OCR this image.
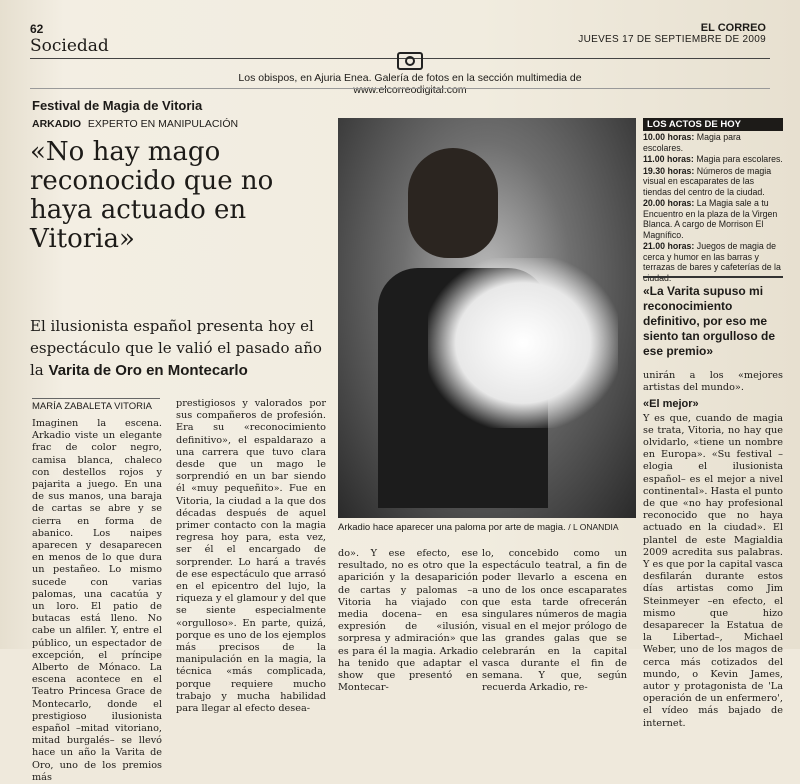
62
Sociedad
EL CORREO
JUEVES 17 DE SEPTIEMBRE DE 2009
Los obispos, en Ajuria Enea. Galería de fotos en la sección multimedia de www.elcorreodigital.com
Festival de Magia de Vitoria
ARKADIO EXPERTO EN MANIPULACIÓN
«No hay mago reconocido que no haya actuado en Vitoria»
El ilusionista español presenta hoy el espectáculo que le valió el pasado año la Varita de Oro en Montecarlo
MARÍA ZABALETA VITORIA
Imaginen la escena. Arkadio viste un elegante frac de color negro, camisa blanca, chaleco con destellos rojos y pajarita a juego. En una de sus manos, una baraja de cartas se abre y se cierra en forma de abanico. Los naipes aparecen y desaparecen en menos de lo que dura un pestañeo. Lo mismo sucede con varias palomas, una cacatúa y un loro. El patio de butacas está lleno. No cabe un alfiler. Y, entre el público, un espectador de excepción, el príncipe Alberto de Mónaco. La escena acontece en el Teatro Princesa Grace de Montecarlo, donde el prestigioso ilusionista español –mitad vitoriano, mitad burgalés– se llevó hace un año la Varita de Oro, uno de los premios más
prestigiosos y valorados por sus compañeros de profesión. Era su «reconocimiento definitivo», el espaldarazo a una carrera que tuvo clara desde que un mago le sorprendió en un bar siendo él «muy pequeñito». Fue en Vitoria, la ciudad a la que dos décadas después de aquel primer contacto con la magia regresa hoy para, esta vez, ser él el encargado de sorprender. Lo hará a través de ese espectáculo que arrasó en el epicentro del lujo, la riqueza y el glamour y del que se siente especialmente «orgulloso». En parte, quizá, porque es uno de los ejemplos más precisos de la manipulación en la magia, la técnica «más complicada, porque requiere mucho trabajo y mucha habilidad para llegar al efecto desea-
Arkadio hace aparecer una paloma por arte de magia. / L ONANDIA
do». Y ese efecto, ese resultado, no es otro que la aparición y la desaparición de cartas y palomas –a Vitoria ha viajado con media docena– en esa expresión de «ilusión, sorpresa y admiración» que es para él la magia. Arkadio ha tenido que adaptar el show que presentó en Montecar-
lo, concebido como un espectáculo teatral, a fin de poder llevarlo a escena en uno de los once escaparates que esta tarde ofrecerán singulares números de magia visual en el mejor prólogo de las grandes galas que se celebrarán en la capital vasca durante el fin de semana. Y que, según recuerda Arkadio, re-
LOS ACTOS DE HOY
10.00 horas: Magia para escolares.
11.00 horas: Magia para escolares.
19.30 horas: Números de magia visual en escaparates de las tiendas del centro de la ciudad.
20.00 horas: La Magia sale a tu Encuentro en la plaza de la Virgen Blanca. A cargo de Morrison El Magnífico.
21.00 horas: Juegos de magia de cerca y humor en las barras y terrazas de bares y cafeterías de la ciudad.
«La Varita supuso mi reconocimiento definitivo, por eso me siento tan orgulloso de ese premio»
unirán a los «mejores artistas del mundo».
«El mejor»
Y es que, cuando de magia se trata, Vitoria, no hay que olvidarlo, «tiene un nombre en Europa». «Su festival –elogia el ilusionista español– es el mejor a nivel continental». Hasta el punto de que «no hay profesional reconocido que no haya actuado en la ciudad». El plantel de este Magialdia 2009 acredita sus palabras. Y es que por la capital vasca desfilarán durante estos días artistas como Jim Steinmeyer –en efecto, el mismo que hizo desaparecer la Estatua de la Libertad–, Michael Weber, uno de los magos de cerca más cotizados del mundo, o Kevin James, autor y protagonista de 'La operación de un enfermero', el vídeo más bajado de internet.
